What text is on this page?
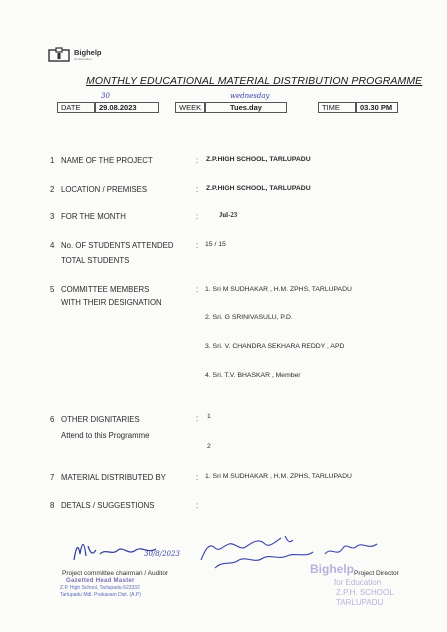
Bighelp
for Education
MONTHLY EDUCATIONAL MATERIAL DISTRIBUTION PROGRAMME
30	wednesday
DATE	29.08.2023	WEEK	Tues.day	TIME	03.30 PM
1 NAME OF THE PROJECT	: Z.P.HIGH SCHOOL, TARLUPADU
2 LOCATION / PREMISES	: Z.P.HIGH SCHOOL, TARLUPADU
3 FOR THE MONTH	:	Jul-23
4 No. OF STUDENTS ATTENDED
TOTAL STUDENTS
: 15 / 15
5 COMMITTEE MEMBERS
WITH THEIR DESIGNATION
: 1. Sri M SUDHAKAR , H.M. ZPHS, TARLUPADU
2. Sri. G SRINIVASULU, P.D.
3. Sri. V. CHANDRA SEKHARA REDDY , APD
4. Sri. T.V. BHASKAR , Member
6 OTHER DIGNITARIES
Attend to this Programme
: 1
2
7 MATERIAL DISTRIBUTED BY	: 1. Sri M SUDHAKAR , H.M. ZPHS, TARLUPADU
8 DETALS / SUGGESTIONS	:
30/8/2023
Project committee chairman / Auditor
Gazetted Head Master
Z.P. High School, Tarlupadu-523332
Tarlupadu Mdl. Prakasam Dist. (A.P)
Bighelp Project Director
for Education
Z.P.H. SCHOOL
TARLUPADU
